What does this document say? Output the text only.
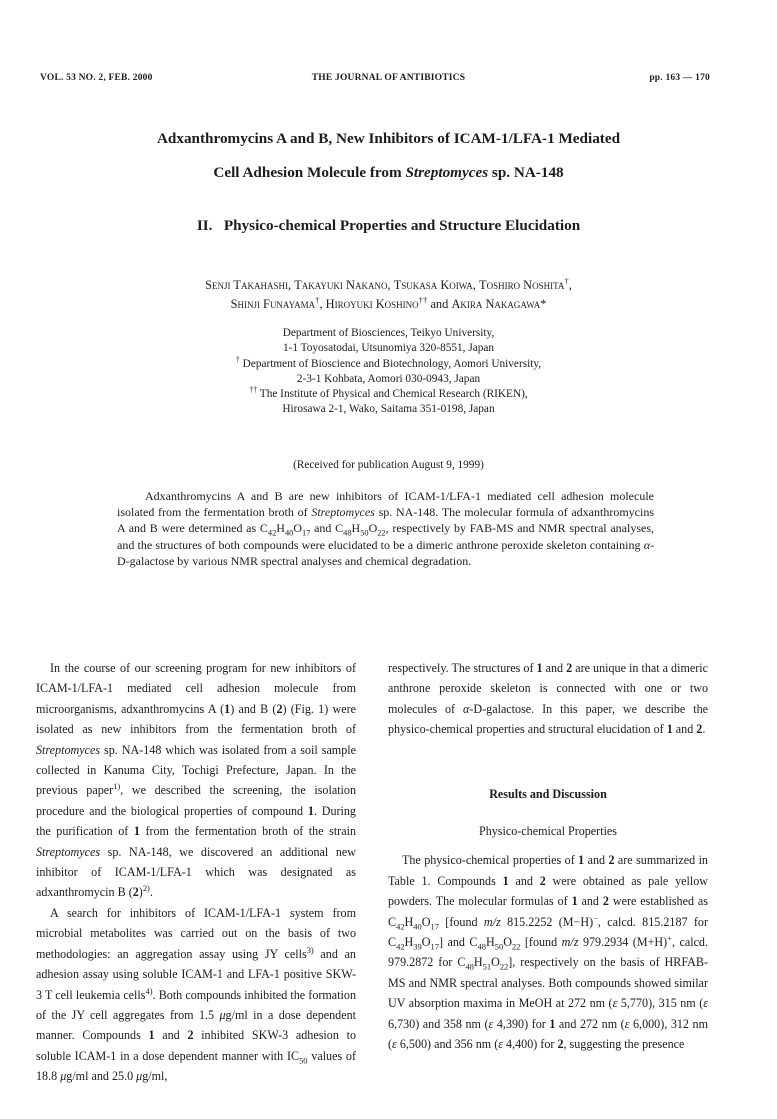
VOL. 53 NO. 2, FEB. 2000	THE JOURNAL OF ANTIBIOTICS	pp. 163 — 170
Adxanthromycins A and B, New Inhibitors of ICAM-1/LFA-1 Mediated
Cell Adhesion Molecule from Streptomyces sp. NA-148
II. Physico-chemical Properties and Structure Elucidation
Senji Takahashi, Takayuki Nakano, Tsukasa Koiwa, Toshiro Noshita†,
Shinji Funayama†, Hiroyuki Koshino†† and Akira Nakagawa*
Department of Biosciences, Teikyo University,
1-1 Toyosatodai, Utsunomiya 320-8551, Japan
† Department of Bioscience and Biotechnology, Aomori University,
2-3-1 Kohbata, Aomori 030-0943, Japan
†† The Institute of Physical and Chemical Research (RIKEN),
Hirosawa 2-1, Wako, Saitama 351-0198, Japan
(Received for publication August 9, 1999)

Adxanthromycins A and B are new inhibitors of ICAM-1/LFA-1 mediated cell adhesion molecule isolated from the fermentation broth of Streptomyces sp. NA-148. The molecular formula of adxanthromycins A and B were determined as $C_{42}H_{40}O_{17}$ and $C_{48}H_{50}O_{22}$, respectively by FAB-MS and NMR spectral analyses, and the structures of both compounds were elucidated to be a dimeric anthrone peroxide skeleton containing α-D-galactose by various NMR spectral analyses and chemical degradation.

In the course of our screening program for new inhibitors of ICAM-1/LFA-1 mediated cell adhesion molecule from microorganisms, adxanthromycins A (1) and B (2) (Fig. 1) were isolated as new inhibitors from the fermentation broth of Streptomyces sp. NA-148 which was isolated from a soil sample collected in Kanuma City, Tochigi Prefecture, Japan. In the previous paper$^{1)}$, we described the screening, the isolation procedure and the biological properties of compound 1. During the purification of 1 from the fermentation broth of the strain Streptomyces sp. NA-148, we discovered an additional new inhibitor of ICAM-1/LFA-1 which was designated as adxanthromycin B $(2)^{2)}$.

A search for inhibitors of ICAM-1/LFA-1 system from microbial metabolites was carried out on the basis of two methodologies: an aggregation assay using JY cells$^{3)}$ and an adhesion assay using soluble ICAM-1 and LFA-1 positive SKW-3 T cell leukemia cells$^{4)}$. Both compounds inhibited the formation of the JY cell aggregates from 1.5 μg/ml in a dose dependent manner. Compounds 1 and 2 inhibited SKW-3 adhesion to soluble ICAM-1 in a dose dependent manner with $IC_{50}$ values of 18.8 μg/ml and 25.0 μg/ml,

respectively. The structures of 1 and 2 are unique in that a dimeric anthrone peroxide skeleton is connected with one or two molecules of α-D-galactose. In this paper, we describe the physico-chemical properties and structural elucidation of 1 and 2.

Results and Discussion

Physico-chemical Properties

The physico-chemical properties of 1 and 2 are summarized in Table 1. Compounds 1 and 2 were obtained as pale yellow powders. The molecular formulas of 1 and 2 were established as $C_{42}H_{40}O_{17}$ [found m/z 815.2252 (M−H)−, calcd. 815.2187 for $C_{42}H_{39}O_{17}$] and $C_{48}H_{50}O_{22}$ [found m/z 979.2934 (M+H)+, calcd. 979.2872 for $C_{48}H_{51}O_{22}$], respectively on the basis of HRFAB-MS and NMR spectral analyses. Both compounds showed similar UV absorption maxima in MeOH at 272 nm (ε 5,770), 315 nm (ε 6,730) and 358 nm (ε 4,390) for 1 and 272 nm (ε 6,000), 312 nm (ε 6,500) and 356 nm (ε 4,400) for 2, suggesting the presence
